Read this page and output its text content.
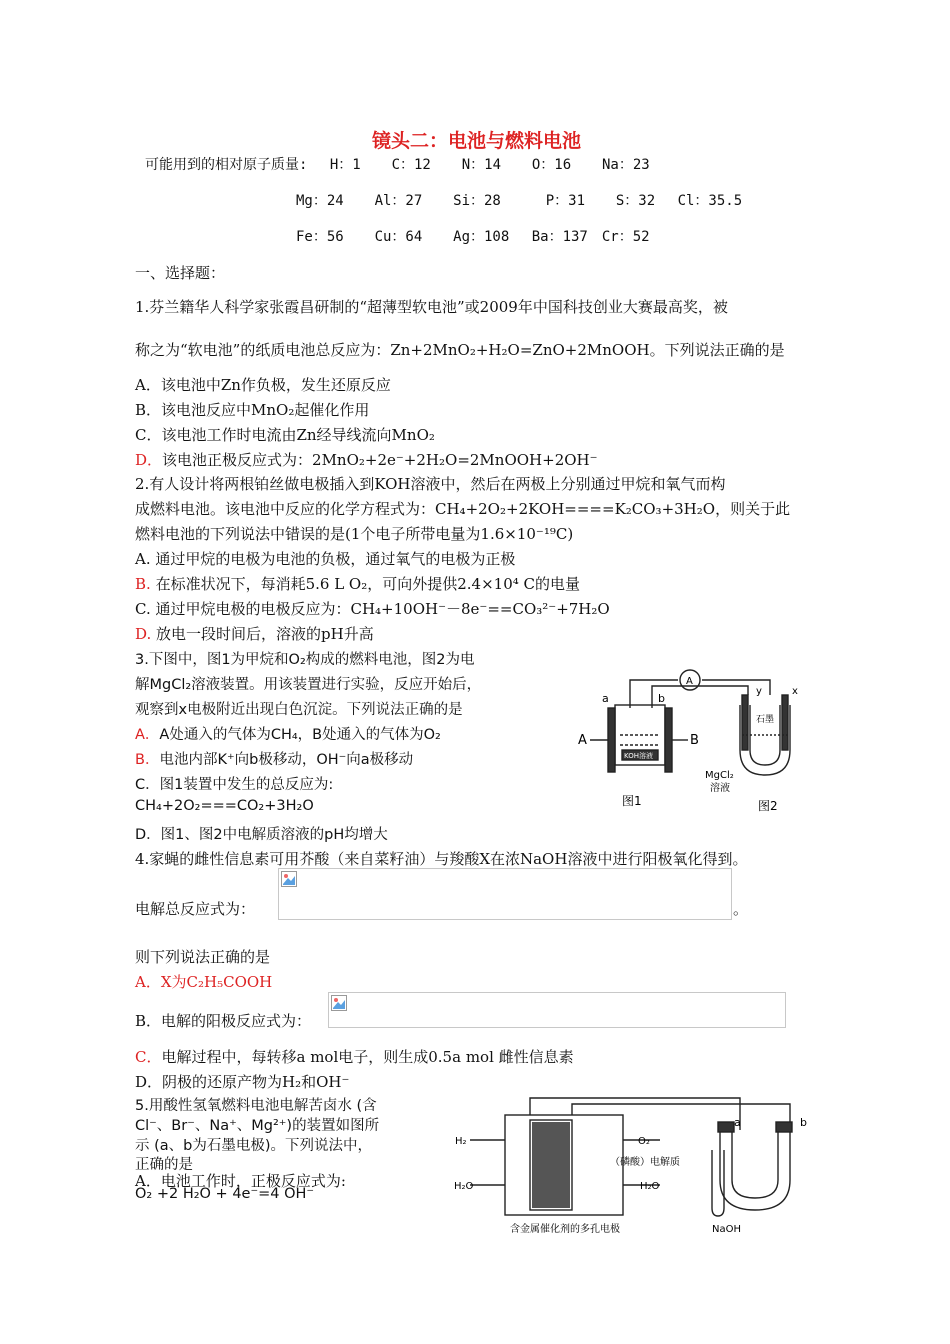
镜头二：电池与燃料电池
可能用到的相对原子质量:　 H：1 　 C：12 　 N：14 　 O：16 　 Na：23
Mg：24 　 Al：27 　 Si：28 　 　P：31 　 S：32 　Cl：35.5
Fe：56 　 Cu：64 　 Ag：108 　Ba：137　Cr：52
一、选择题：
1.芬兰籍华人科学家张霞昌研制的“超薄型软电池”或2009年中国科技创业大赛最高奖，被
称之为“软电池”的纸质电池总反应为：Zn+2MnO₂+H₂O=ZnO+2MnOOH。下列说法正确的是
A．该电池中Zn作负极，发生还原反应
B．该电池反应中MnO₂起催化作用
C．该电池工作时电流由Zn经导线流向MnO₂
D．该电池正极反应式为：2MnO₂+2e⁻+2H₂O=2MnOOH+2OH⁻
2.有人设计将两根铂丝做电极插入到KOH溶液中，然后在两极上分别通过甲烷和氧气而构
成燃料电池。该电池中反应的化学方程式为：CH₄+2O₂+2KOH====K₂CO₃+3H₂O，则关于此
燃料电池的下列说法中错误的是(1个电子所带电量为1.6×10⁻¹⁹C)
A. 通过甲烷的电极为电池的负极，通过氧气的电极为正极
B. 在标准状况下，每消耗5.6 L O₂，可向外提供2.4×10⁴ C的电量
C. 通过甲烷电极的电极反应为：CH₄+10OH⁻－8e⁻==CO₃²⁻+7H₂O
D. 放电一段时间后，溶液的pH升高
3.下图中，图1为甲烷和O₂构成的燃料电池，图2为电
解MgCl₂溶液装置。用该装置进行实验，反应开始后，
观察到x电极附近出现白色沉淀。下列说法正确的是
A．A处通入的气体为CH₄，B处通入的气体为O₂
B．电池内部K⁺向b极移动，OH⁻向a极移动
C．图1装置中发生的总反应为:
CH₄+2O₂===CO₂+3H₂O
D．图1、图2中电解质溶液的pH均增大
A
a	b
A	B
y	x
KOH溶液
石墨
MgCl₂
溶液
图1	图2
4.家蝇的雌性信息素可用芥酸（来自菜籽油）与羧酸X在浓NaOH溶液中进行阳极氧化得到。
电解总反应式为：	。
则下列说法正确的是
A．X为C₂H₅COOH
B．电解的阳极反应式为：
C．电解过程中，每转移a mol电子，则生成0.5a mol 雌性信息素
D．阴极的还原产物为H₂和OH⁻
5.用酸性氢氧燃料电池电解苦卤水 (含
Cl⁻、Br⁻、Na⁺、Mg²⁺)的装置如图所
示 (a、b为石墨电极)。下列说法中，
正确的是
A．电池工作时，正极反应式为:
O₂ +2 H₂O + 4e⁻=4 OH⁻
H₂	O₂
（磷酸）电解质
H₂O	H₂O
a	b
NaOH
含金属催化剂的多孔电极
